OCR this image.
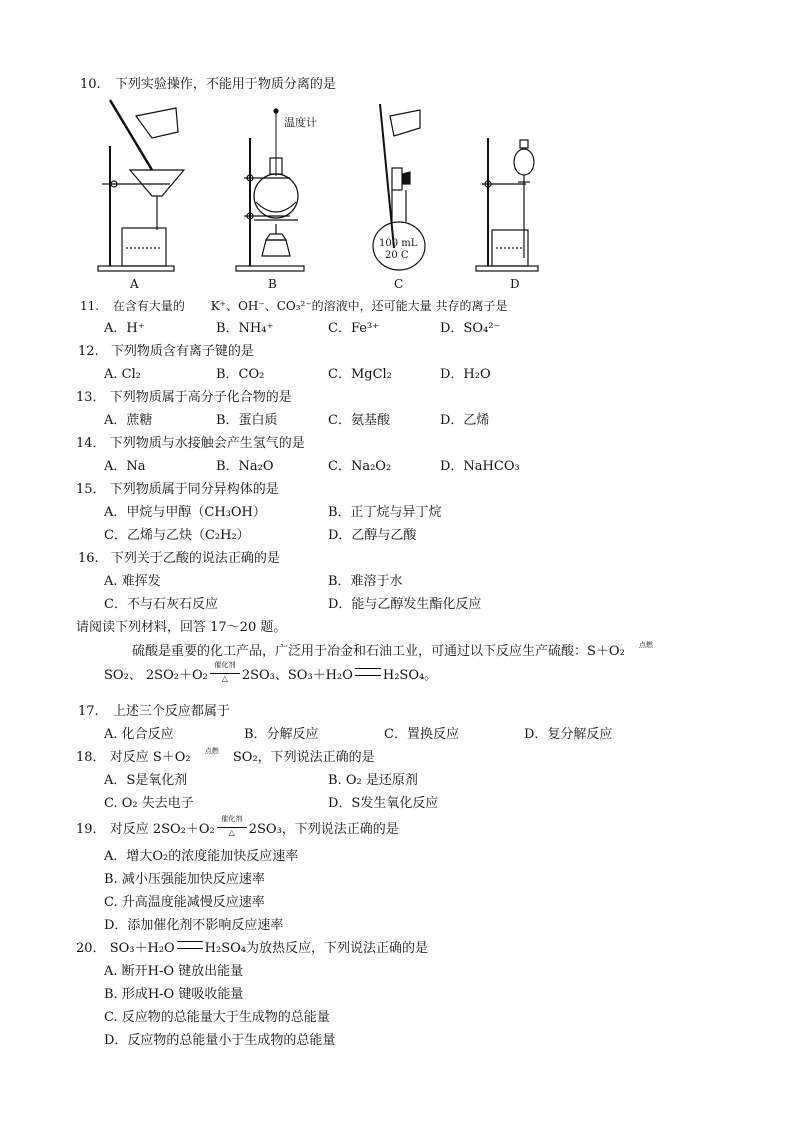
10. 下列实验操作，不能用于物质分离的是
A	B	C	D
温度计
100 mL
20 C
11. 在含有大量的 K⁺、OH⁻、CO₃²⁻的溶液中，还可能大量 共存的离子是
A．H⁺	B．NH₄⁺	C．Fe³⁺	D．SO₄²⁻
12. 下列物质含有离子键的是
A. Cl₂	B．CO₂	C．MgCl₂	D．H₂O
13． 下列物质属于高分子化合物的是
A．蔗糖	B．蛋白质	C．氨基酸	D．乙烯
14． 下列物质与水接触会产生氢气的是
A．Na	B．Na₂O	C．Na₂O₂	D．NaHCO₃
15． 下列物质属于同分异构体的是
A．甲烷与甲醇（CH₃OH）	B．正丁烷与异丁烷
C．乙烯与乙炔（C₂H₂）	D．乙醇与乙酸
16. 下列关于乙酸的说法正确的是
A. 难挥发	B．难溶于水
C．不与石灰石反应	D．能与乙醇发生酯化反应
请阅读下列材料，回答 17～20 题。
硫酸是重要的化工产品，广泛用于冶金和石油工业，可通过以下反应生产硫酸：S＋O₂	点燃
SO₂、 2SO₂＋O₂
催化剂
△	2SO₃、SO₃＋H₂O H₂SO₄。
17. 上述三个反应都属于
A. 化合反应	B．分解反应	C．置换反应	D．复分解反应
18． 对反应 S＋O₂	点燃	SO₂，下列说法正确的是
A．S是氧化剂	B. O₂ 是还原剂
C. O₂ 失去电子	D．S发生氧化反应
19． 对反应 2SO₂＋O₂
催化剂
△	2SO₃，下列说法正确的是
A．增大O₂的浓度能加快反应速率
B. 减小压强能加快反应速率
C. 升高温度能减慢反应速率
D．添加催化剂不影响反应速率
20． SO₃＋H₂O H₂SO₄为放热反应，下列说法正确的是
A. 断开H-O 键放出能量
B. 形成H-O 键吸收能量
C. 反应物的总能量大于生成物的总能量
D．反应物的总能量小于生成物的总能量
